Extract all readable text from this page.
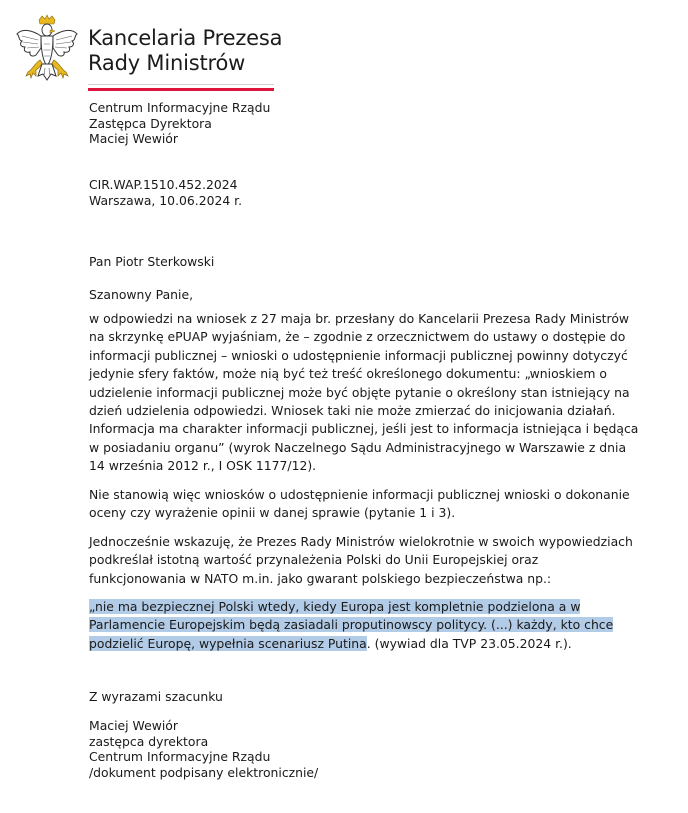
Kancelaria Prezesa
Rady Ministrów
Centrum Informacyjne Rządu
Zastępca Dyrektora
Maciej Wewiór
CIR.WAP.1510.452.2024
Warszawa, 10.06.2024 r.
Pan Piotr Sterkowski
Szanowny Panie,
w odpowiedzi na wniosek z 27 maja br. przesłany do Kancelarii Prezesa Rady Ministrów
na skrzynkę ePUAP wyjaśniam, że – zgodnie z orzecznictwem do ustawy o dostępie do
informacji publicznej – wnioski o udostępnienie informacji publicznej powinny dotyczyć
jedynie sfery faktów, może nią być też treść określonego dokumentu: „wnioskiem o
udzielenie informacji publicznej może być objęte pytanie o określony stan istniejący na
dzień udzielenia odpowiedzi. Wniosek taki nie może zmierzać do inicjowania działań.
Informacja ma charakter informacji publicznej, jeśli jest to informacja istniejąca i będąca
w posiadaniu organu” (wyrok Naczelnego Sądu Administracyjnego w Warszawie z dnia
14 września 2012 r., I OSK 1177/12).
Nie stanowią więc wniosków o udostępnienie informacji publicznej wnioski o dokonanie
oceny czy wyrażenie opinii w danej sprawie (pytanie 1 i 3).
Jednocześnie wskazuję, że Prezes Rady Ministrów wielokrotnie w swoich wypowiedziach
podkreślał istotną wartość przynależenia Polski do Unii Europejskiej oraz
funkcjonowania w NATO m.in. jako gwarant polskiego bezpieczeństwa np.:
„nie ma bezpiecznej Polski wtedy, kiedy Europa jest kompletnie podzielona a w
Parlamencie Europejskim będą zasiadali proputinowscy politycy. (...) każdy, kto chce
podzielić Europę, wypełnia scenariusz Putina. (wywiad dla TVP 23.05.2024 r.).
Z wyrazami szacunku
Maciej Wewiór
zastępca dyrektora
Centrum Informacyjne Rządu
/dokument podpisany elektronicznie/
